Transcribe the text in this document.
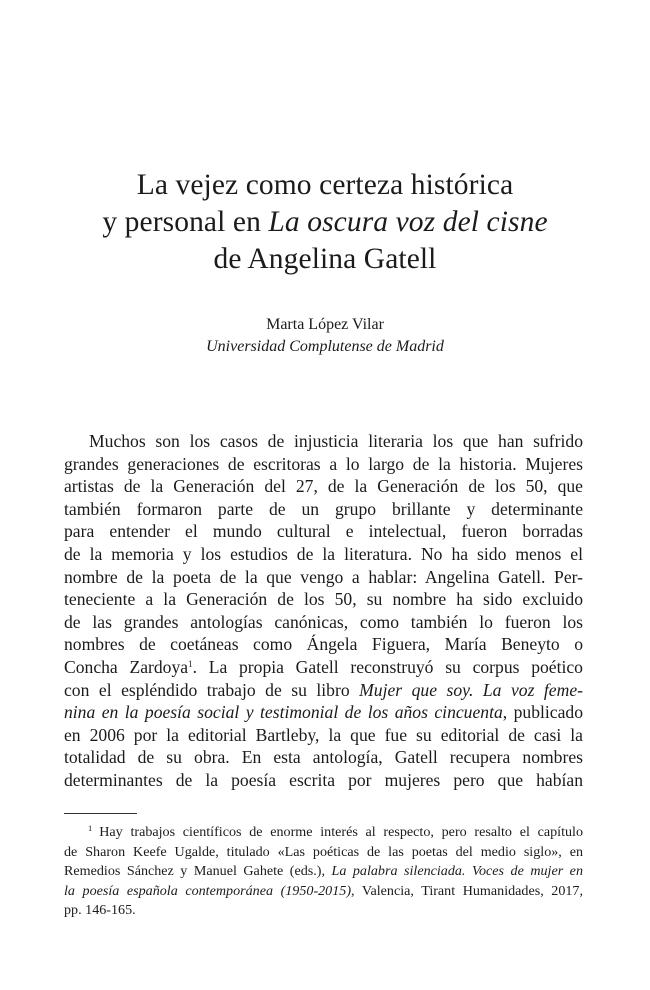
La vejez como certeza histórica
y personal en La oscura voz del cisne
de Angelina Gatell
Marta López Vilar
Universidad Complutense de Madrid
Muchos son los casos de injusticia literaria los que han sufrido
grandes generaciones de escritoras a lo largo de la historia. Mujeres
artistas de la Generación del 27, de la Generación de los 50, que
también formaron parte de un grupo brillante y determinante
para entender el mundo cultural e intelectual, fueron borradas
de la memoria y los estudios de la literatura. No ha sido menos el
nombre de la poeta de la que vengo a hablar: Angelina Gatell. Per-
teneciente a la Generación de los 50, su nombre ha sido excluido
de las grandes antologías canónicas, como también lo fueron los
nombres de coetáneas como Ángela Figuera, María Beneyto o
Concha Zardoya$^1$. La propia Gatell reconstruyó su corpus poético
con el espléndido trabajo de su libro Mujer que soy. La voz feme-
nina en la poesía social y testimonial de los años cincuenta, publicado
en 2006 por la editorial Bartleby, la que fue su editorial de casi la
totalidad de su obra. En esta antología, Gatell recupera nombres
determinantes de la poesía escrita por mujeres pero que habían
$^1$ Hay trabajos científicos de enorme interés al respecto, pero resalto el capítulo
de Sharon Keefe Ugalde, titulado «Las poéticas de las poetas del medio siglo», en
Remedios Sánchez y Manuel Gahete (eds.), La palabra silenciada. Voces de mujer en
la poesía española contemporánea (1950-2015), Valencia, Tirant Humanidades, 2017,
pp. 146-165.
